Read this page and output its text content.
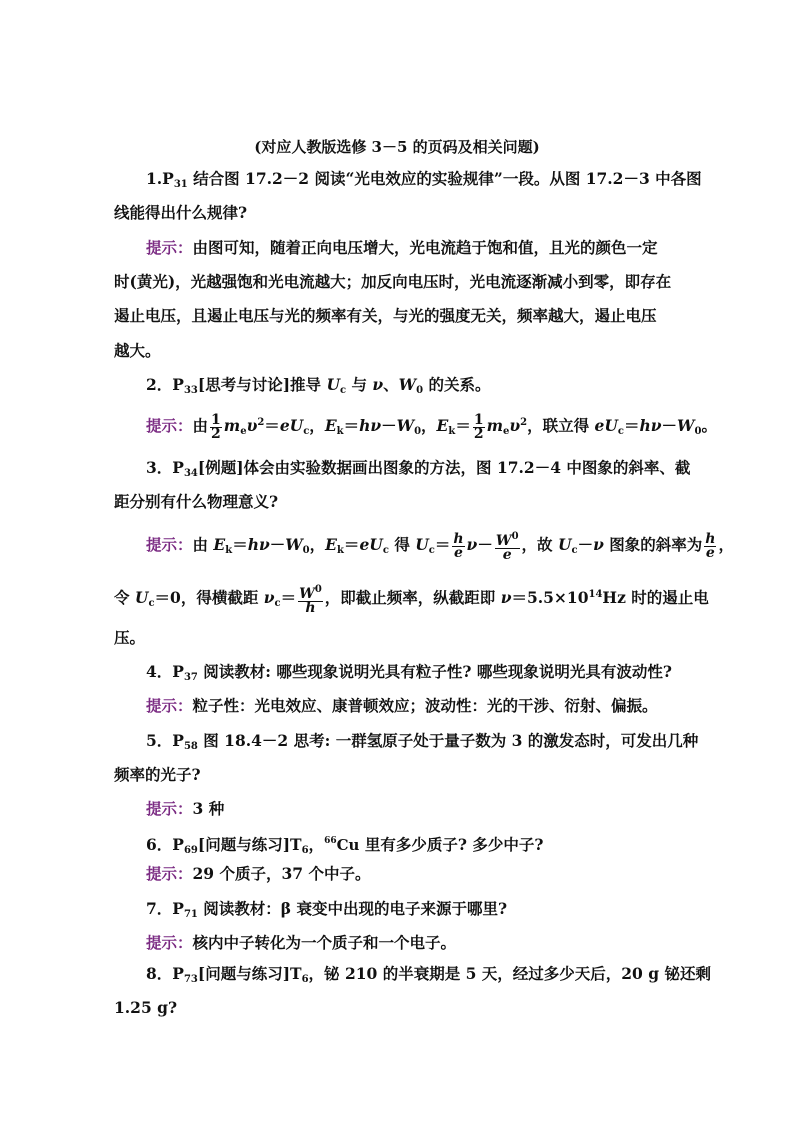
(对应人教版选修 3－5 的页码及相关问题)
$1.P_{31}$ 结合图 17.2－2 阅读“光电效应的实验规律”一段。从图 17.2－3 中各图
线能得出什么规律?
提示：由图可知，随着正向电压增大，光电流趋于饱和值，且光的颜色一定
时(黄光)，光越强饱和光电流越大；加反向电压时，光电流逐渐减小到零，即存在
遏止电压，且遏止电压与光的频率有关，与光的强度无关，频率越大，遏止电压
越大。
2．$P_{33}$[思考与讨论]推导 $U_c$ 与 ν、$W_0$ 的关系。
提示：由 $\frac{1}{2} m_e\upsilon^2=eU_c$，$E_k=h\nu-W_0$，$E_k= \frac{1}{2} m_e\upsilon^2$，联立得 $eU_c=h\nu-W_0$。
3．$P_{34}$[例题]体会由实验数据画出图象的方法，图 17.2－4 中图象的斜率、截
距分别有什么物理意义?
提示：由 $E_k=h\nu-W_0$，$E_k=eU_c$ 得 $U_c= \frac{h}{e} \nu- \frac{W^0}{e}$ ，故 $U_c-\nu$ 图象的斜率为 $\frac{h}{e}$ ，
令 $U_c=0$，得横截距 $\nu_c= \frac{W^0}{h}$ ，即截止频率，纵截距即 $\nu=5.5\times 10^{14}Hz$ 时的遏止电
压。
4．$P_{37}$ 阅读教材: 哪些现象说明光具有粒子性? 哪些现象说明光具有波动性?
提示：粒子性：光电效应、康普顿效应；波动性：光的干涉、衍射、偏振。
5．$P_{58}$ 图 18.4－2 思考: 一群氢原子处于量子数为 3 的激发态时，可发出几种
频率的光子?
提示：3 种
6．$P_{69}$[问题与练习]$T_6$，$^{66}$Cu 里有多少质子? 多少中子?
提示：29 个质子，37 个中子。
7．$P_{71}$ 阅读教材：β 衰变中出现的电子来源于哪里?
提示：核内中子转化为一个质子和一个电子。
8．$P_{73}$[问题与练习]$T_6$，铋 210 的半衰期是 5 天，经过多少天后，20 g 铋还剩
1.25 g?
